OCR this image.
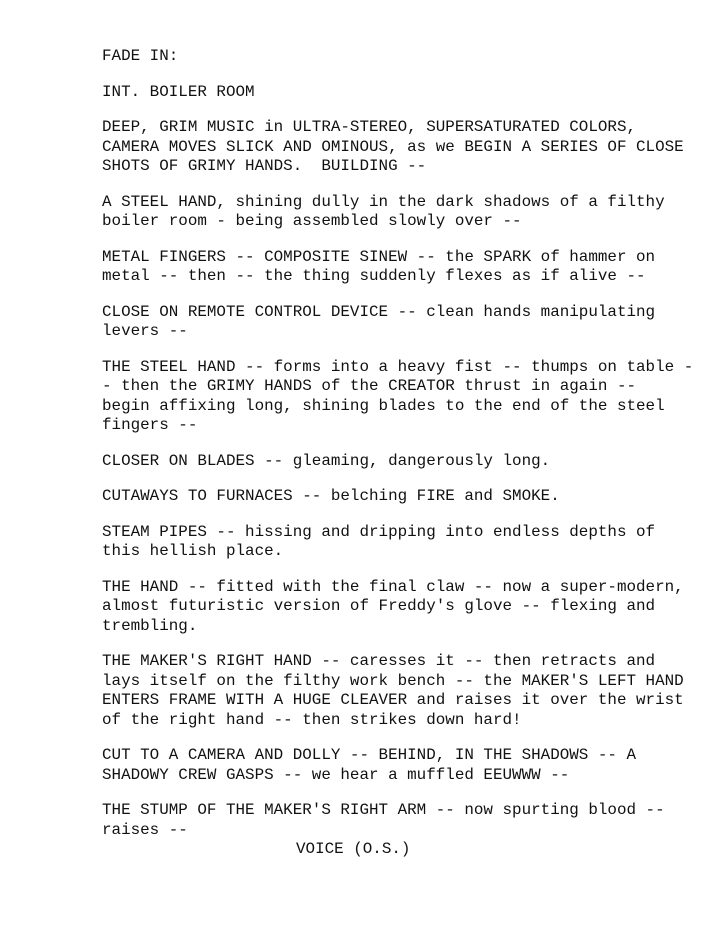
FADE IN:
INT. BOILER ROOM
DEEP, GRIM MUSIC in ULTRA-STEREO, SUPERSATURATED COLORS,
CAMERA MOVES SLICK AND OMINOUS, as we BEGIN A SERIES OF CLOSE
SHOTS OF GRIMY HANDS.  BUILDING --
A STEEL HAND, shining dully in the dark shadows of a filthy
boiler room - being assembled slowly over --
METAL FINGERS -- COMPOSITE SINEW -- the SPARK of hammer on
metal -- then -- the thing suddenly flexes as if alive --
CLOSE ON REMOTE CONTROL DEVICE -- clean hands manipulating
levers --
THE STEEL HAND -- forms into a heavy fist -- thumps on table -
- then the GRIMY HANDS of the CREATOR thrust in again --
begin affixing long, shining blades to the end of the steel
fingers --
CLOSER ON BLADES -- gleaming, dangerously long.
CUTAWAYS TO FURNACES -- belching FIRE and SMOKE.
STEAM PIPES -- hissing and dripping into endless depths of
this hellish place.
THE HAND -- fitted with the final claw -- now a super-modern,
almost futuristic version of Freddy's glove -- flexing and
trembling.
THE MAKER'S RIGHT HAND -- caresses it -- then retracts and
lays itself on the filthy work bench -- the MAKER'S LEFT HAND
ENTERS FRAME WITH A HUGE CLEAVER and raises it over the wrist
of the right hand -- then strikes down hard!
CUT TO A CAMERA AND DOLLY -- BEHIND, IN THE SHADOWS -- A
SHADOWY CREW GASPS -- we hear a muffled EEUWWW --
THE STUMP OF THE MAKER'S RIGHT ARM -- now spurting blood --
raises --
VOICE (O.S.)
